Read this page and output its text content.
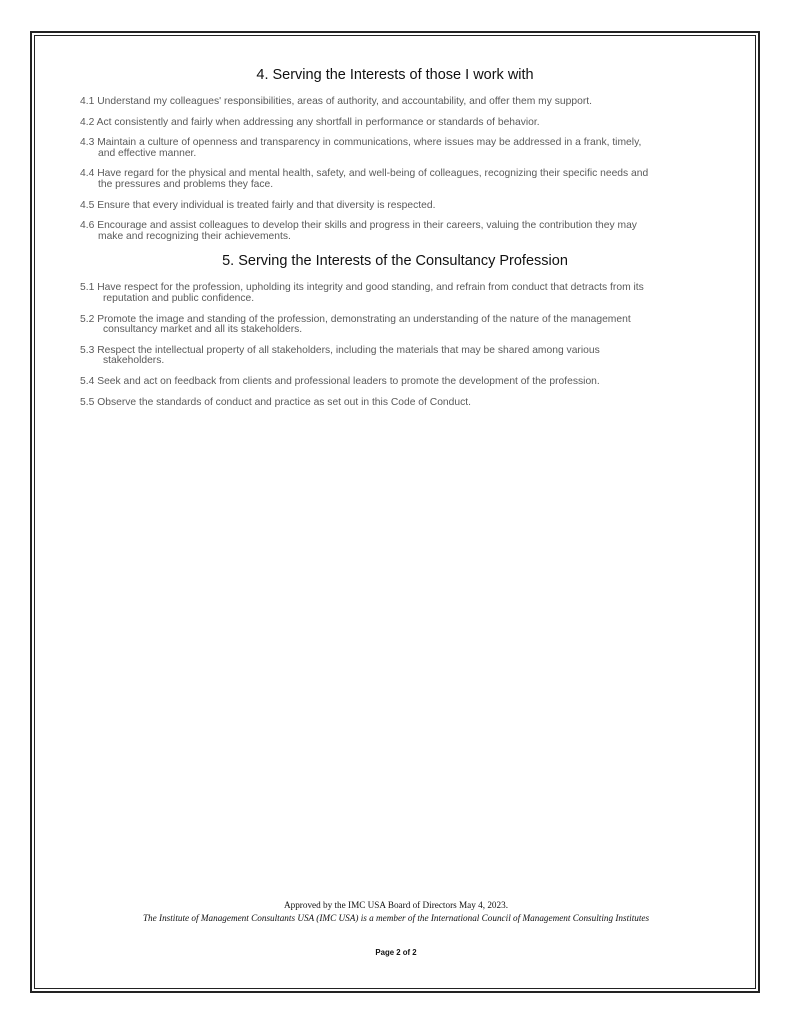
4. Serving the Interests of those I work with
4.1 Understand my colleagues' responsibilities, areas of authority, and accountability, and offer them my support.
4.2 Act consistently and fairly when addressing any shortfall in performance or standards of behavior.
4.3 Maintain a culture of openness and transparency in communications, where issues may be addressed in a frank, timely,
and effective manner.
4.4 Have regard for the physical and mental health, safety, and well-being of colleagues, recognizing their specific needs and
the pressures and problems they face.
4.5 Ensure that every individual is treated fairly and that diversity is respected.
4.6 Encourage and assist colleagues to develop their skills and progress in their careers, valuing the contribution they may
make and recognizing their achievements.
5. Serving the Interests of the Consultancy Profession
5.1 Have respect for the profession, upholding its integrity and good standing, and refrain from conduct that detracts from its
reputation and public confidence.
5.2 Promote the image and standing of the profession, demonstrating an understanding of the nature of the management
consultancy market and all its stakeholders.
5.3 Respect the intellectual property of all stakeholders, including the materials that may be shared among various
stakeholders.
5.4 Seek and act on feedback from clients and professional leaders to promote the development of the profession.
5.5 Observe the standards of conduct and practice as set out in this Code of Conduct.
Approved by the IMC USA Board of Directors May 4, 2023.
The Institute of Management Consultants USA (IMC USA) is a member of the International Council of Management Consulting Institutes
Page 2 of 2
